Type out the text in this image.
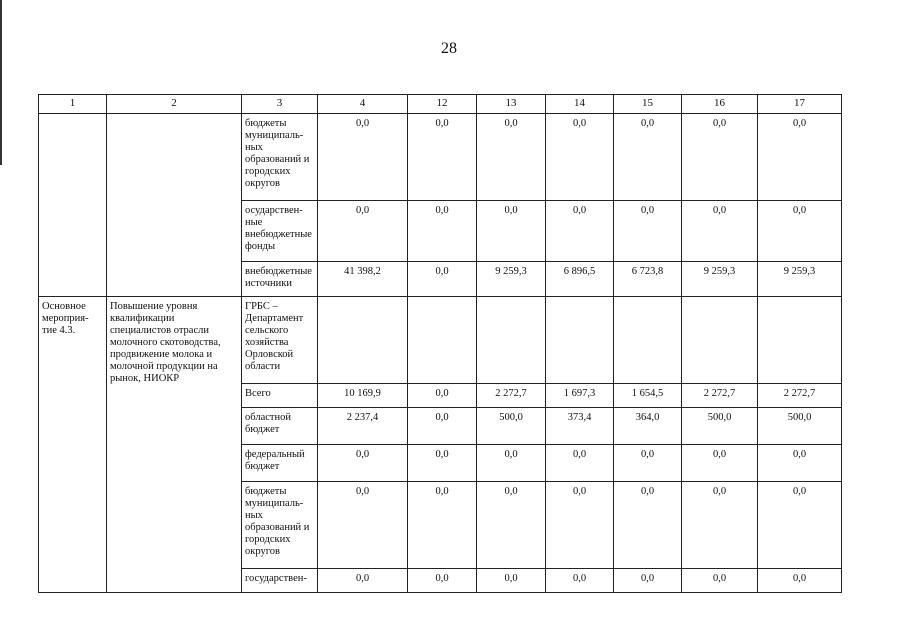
28
1	2	3	4	12	13	14	15	16	17
		бюджеты муниципаль-ных образований и городских округов	0,0	0,0	0,0	0,0	0,0	0,0	0,0
		осударствен-ные внебюджетные фонды	0,0	0,0	0,0	0,0	0,0	0,0	0,0
		внебюджетные источники	41 398,2	0,0	9 259,3	6 896,5	6 723,8	9 259,3	9 259,3
Основное мероприя-тие 4.3.	Повышение уровня квалификации специалистов отрасли молочного скотоводства, продвижение молока и молочной продукции на рынок, НИОКР	ГРБС – Департамент сельского хозяйства Орловской области							
		Всего	10 169,9	0,0	2 272,7	1 697,3	1 654,5	2 272,7	2 272,7
		областной бюджет	2 237,4	0,0	500,0	373,4	364,0	500,0	500,0
		федеральный бюджет	0,0	0,0	0,0	0,0	0,0	0,0	0,0
		бюджеты муниципаль-ных образований и городских округов	0,0	0,0	0,0	0,0	0,0	0,0	0,0
		государствен-	0,0	0,0	0,0	0,0	0,0	0,0	0,0
